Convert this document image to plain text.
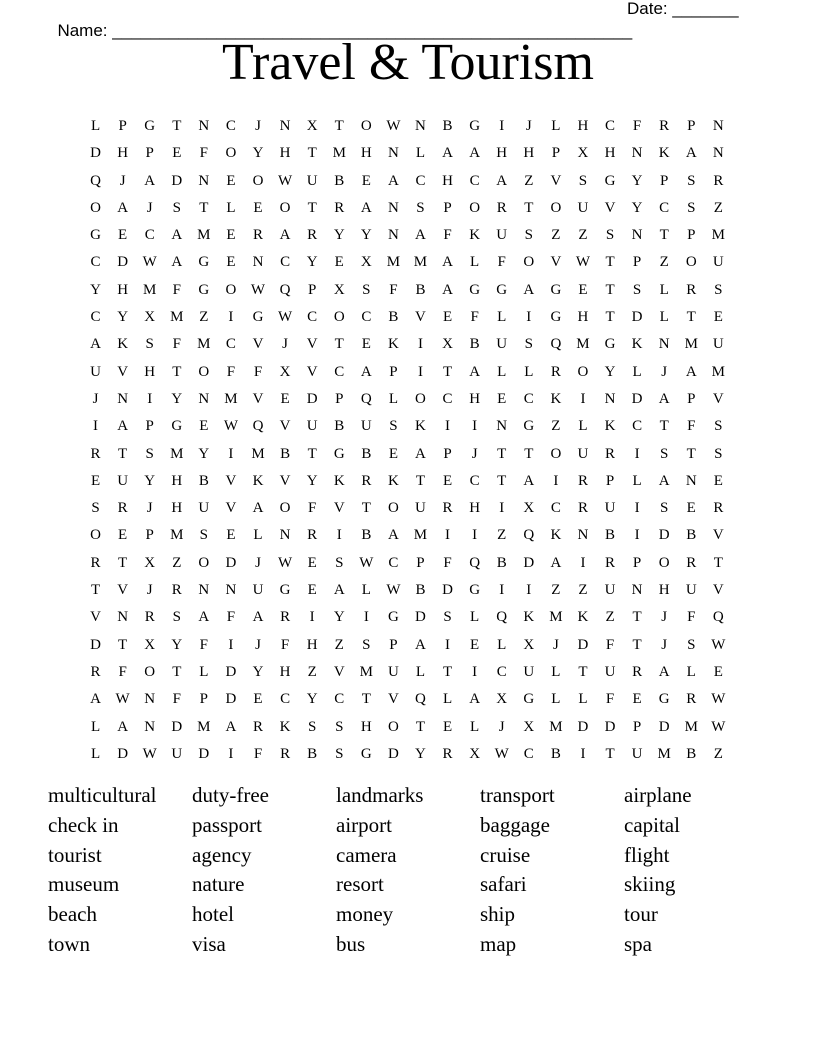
Name: _______________________________________________________

Date: _______

Travel & Tourism
L	P	G	T	N	C	J	N	X	T	O W N	B	G	I	J	L	H	C	F	R	P	N
D	H	P	E	F	O	Y	H	T	M H	N	L	A	A	H	H	P	X	H	N	K	A	N
Q	J	A	D	N	E	O W U	B	E	A	C	H	C	A	Z	V	S	G	Y	P	S	R
O	A	J	S	T	L	E	O	T	R	A	N	S	P	O	R	T	O	U	V	Y	C	S	Z
G	E	C	A M	E	R	A	R	Y	Y	N	A	F	K	U	S	Z	Z	S	N	T	P	M
C	D W A	G	E	N	C	Y	E	X M M A	L	F	O	V W	T	P	Z	O	U
Y	H M	F	G	O W Q	P	X	S	F	B	A	G	G	A	G	E	T	S	L	R	S
C	Y	X M	Z	I	G W C	O	C	B	V	E	F	L	I	G	H	T	D	L	T	E
A	K	S	F	M	C	V	J	V	T	E	K	I	X	B	U	S	Q M G	K	N M U
U	V	H	T	O	F	F	X	V	C	A	P	I	T	A	L	L	R	O	Y	L	J	A M
J	N	I	Y	N M V	E	D	P	Q	L	O	C	H	E	C	K	I	N	D	A	P	V
I	A	P	G	E	W Q	V	U	B	U	S	K	I	I	N	G	Z	L	K	C	T	F	S
R	T	S	M Y	I	M	B	T	G	B	E	A	P	J	T	T	O	U	R	I	S	T	S
E	U	Y	H	B	V	K	V	Y	K	R	K	T	E	C	T	A	I	R	P	L	A	N	E
S	R	J	H	U	V	A	O	F	V	T	O	U	R	H	I	X	C	R	U	I	S	E	R
O	E	P	M	S	E	L	N	R	I	B	A M	I	I	Z	Q	K	N	B	I	D	B	V
R	T	X	Z	O	D	J	W	E	S	W C	P	F	Q	B	D	A	I	R	P	O	R	T
T	V	J	R	N	N	U	G	E	A	L	W B	D	G	I	I	Z	Z	U	N	H	U	V
V	N	R	S	A	F	A	R	I	Y	I	G	D	S	L	Q	K M K	Z	T	J	F	Q
D	T	X	Y	F	I	J	F	H	Z	S	P	A	I	E	L	X	J	D	F	T	J	S	W
R	F	O	T	L	D	Y	H	Z	V M U	L	T	I	C	U	L	T	U	R	A	L	E
A W N	F	P	D	E	C	Y	C	T	V	Q	L	A	X	G	L	L	F	E	G	R W
L	A	N	D M A	R	K	S	S	H	O	T	E	L	J	X M D	D	P	D M W
L	D W U	D	I	F	R	B	S	G	D	Y	R	X W C	B	I	T	U M	B	Z
multicultural	duty-free	landmarks	transport	airplane
check in	passport	airport	baggage	capital
tourist	agency	camera	cruise	flight
museum	nature	resort	safari	skiing
beach	hotel	money	ship	tour
town	visa	bus	map	spa
